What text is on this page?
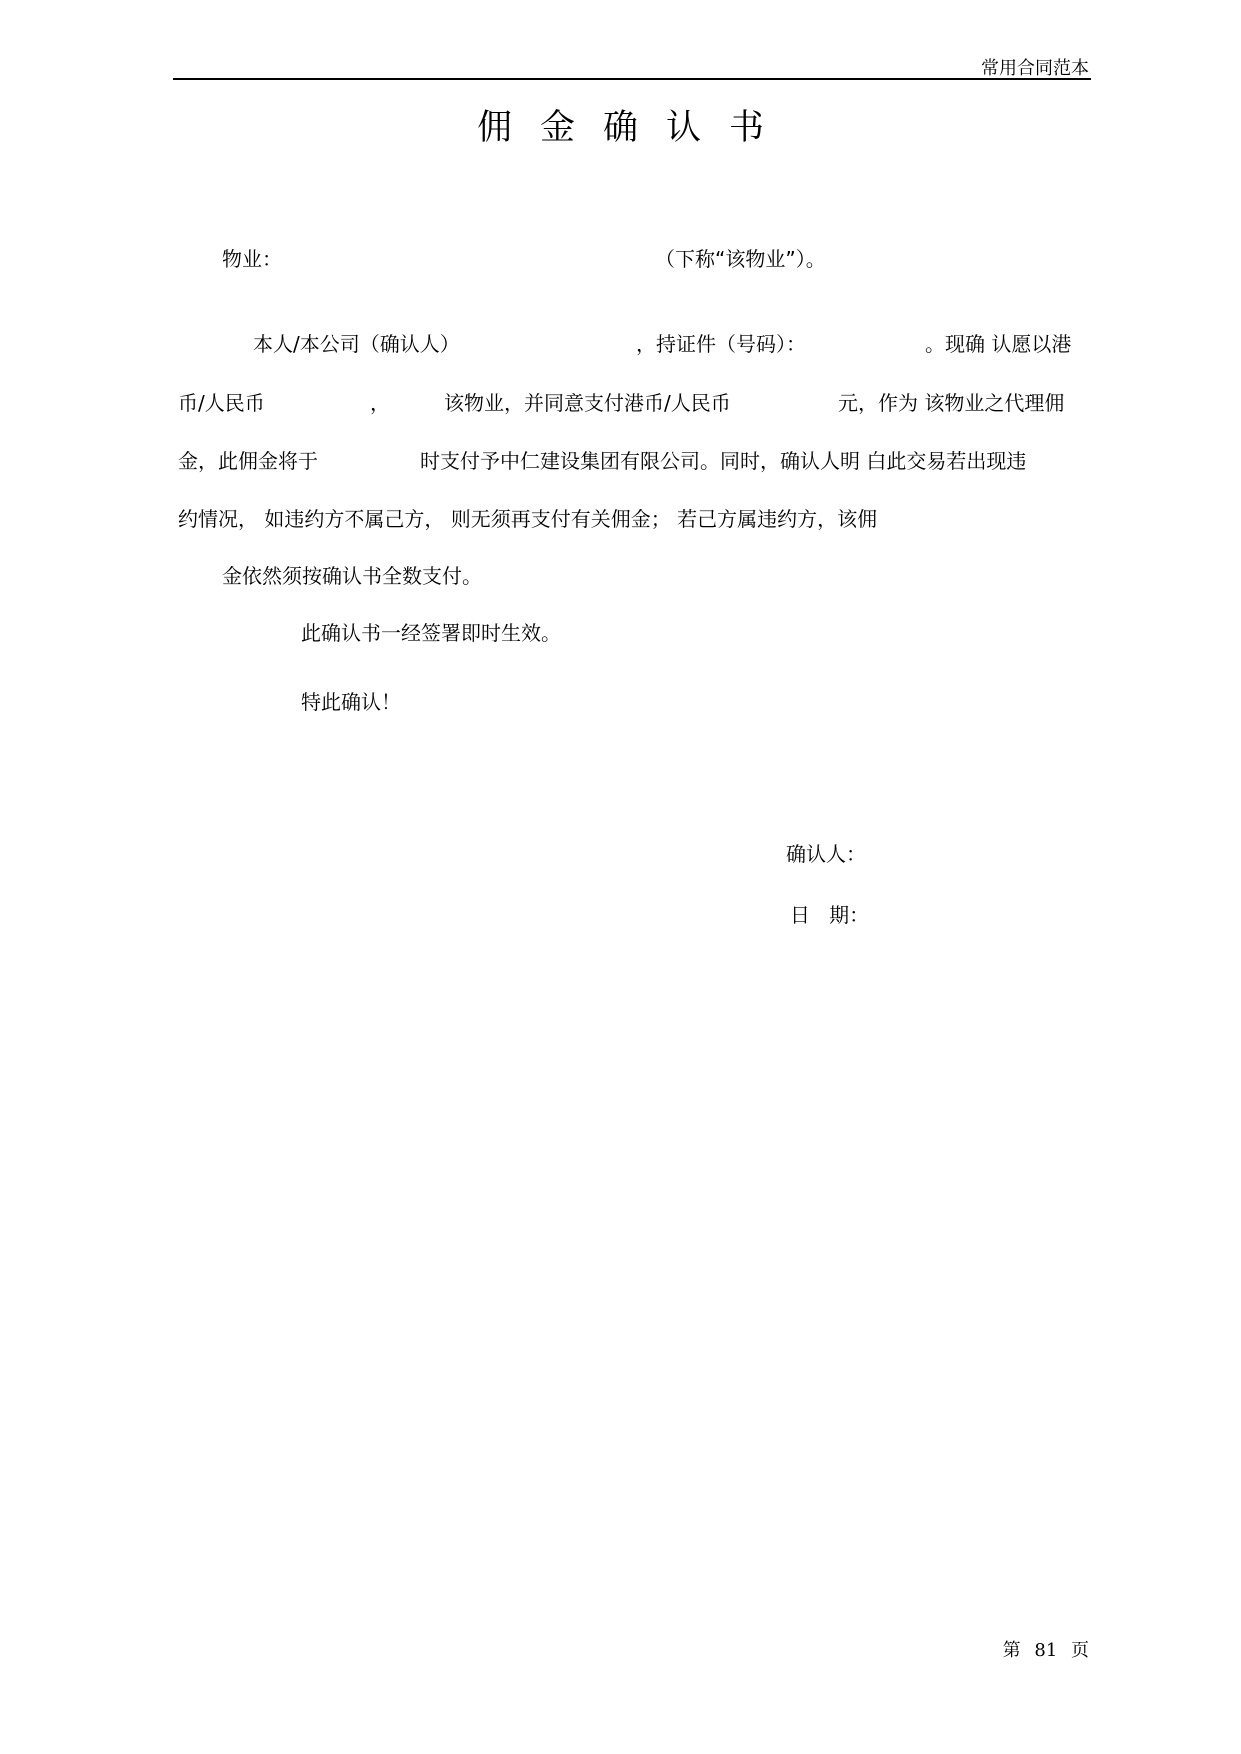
常用合同范本
佣金确认书
物业：	（下称“该物业”）。
本人/本公司（确认人）	，持证件（号码）：	。现确 认愿以港
币/人民币	，	该物业，并同意支付港币/人民币	元，作为 该物业之代理佣
金，此佣金将于	时支付予中仁建设集团有限公司。同时，确认人明 白此交易若出现违
约情况， 如违约方不属己方， 则无须再支付有关佣金； 若己方属违约方，该佣
金依然须按确认书全数支付。
此确认书一经签署即时生效。
特此确认！
确认人：
日   期：
第 81 页
